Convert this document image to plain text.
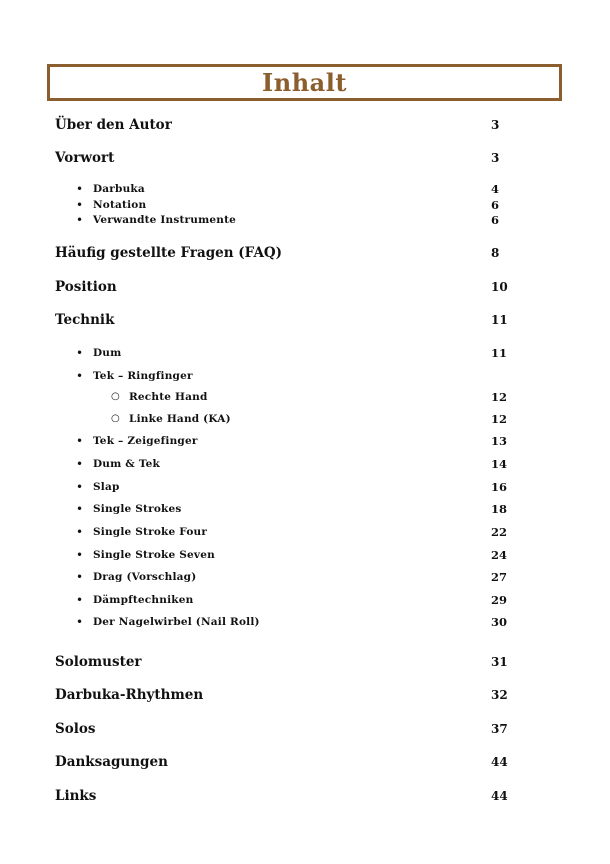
Inhalt
Über den Autor	3
Vorwort	3
• Darbuka	4
• Notation	6
• Verwandte Instrumente	6
Häufig gestellte Fragen (FAQ)	8
Position	10
Technik	11
• Dum	11
• Tek – Ringfinger
○ Rechte Hand	12
○ Linke Hand (KA)	12
• Tek – Zeigefinger	13
• Dum & Tek	14
• Slap	16
• Single Strokes	18
• Single Stroke Four	22
• Single Stroke Seven	24
• Drag (Vorschlag)	27
• Dämpftechniken	29
• Der Nagelwirbel (Nail Roll)	30
Solomuster	31
Darbuka-Rhythmen	32
Solos	37
Danksagungen	44
Links	44
